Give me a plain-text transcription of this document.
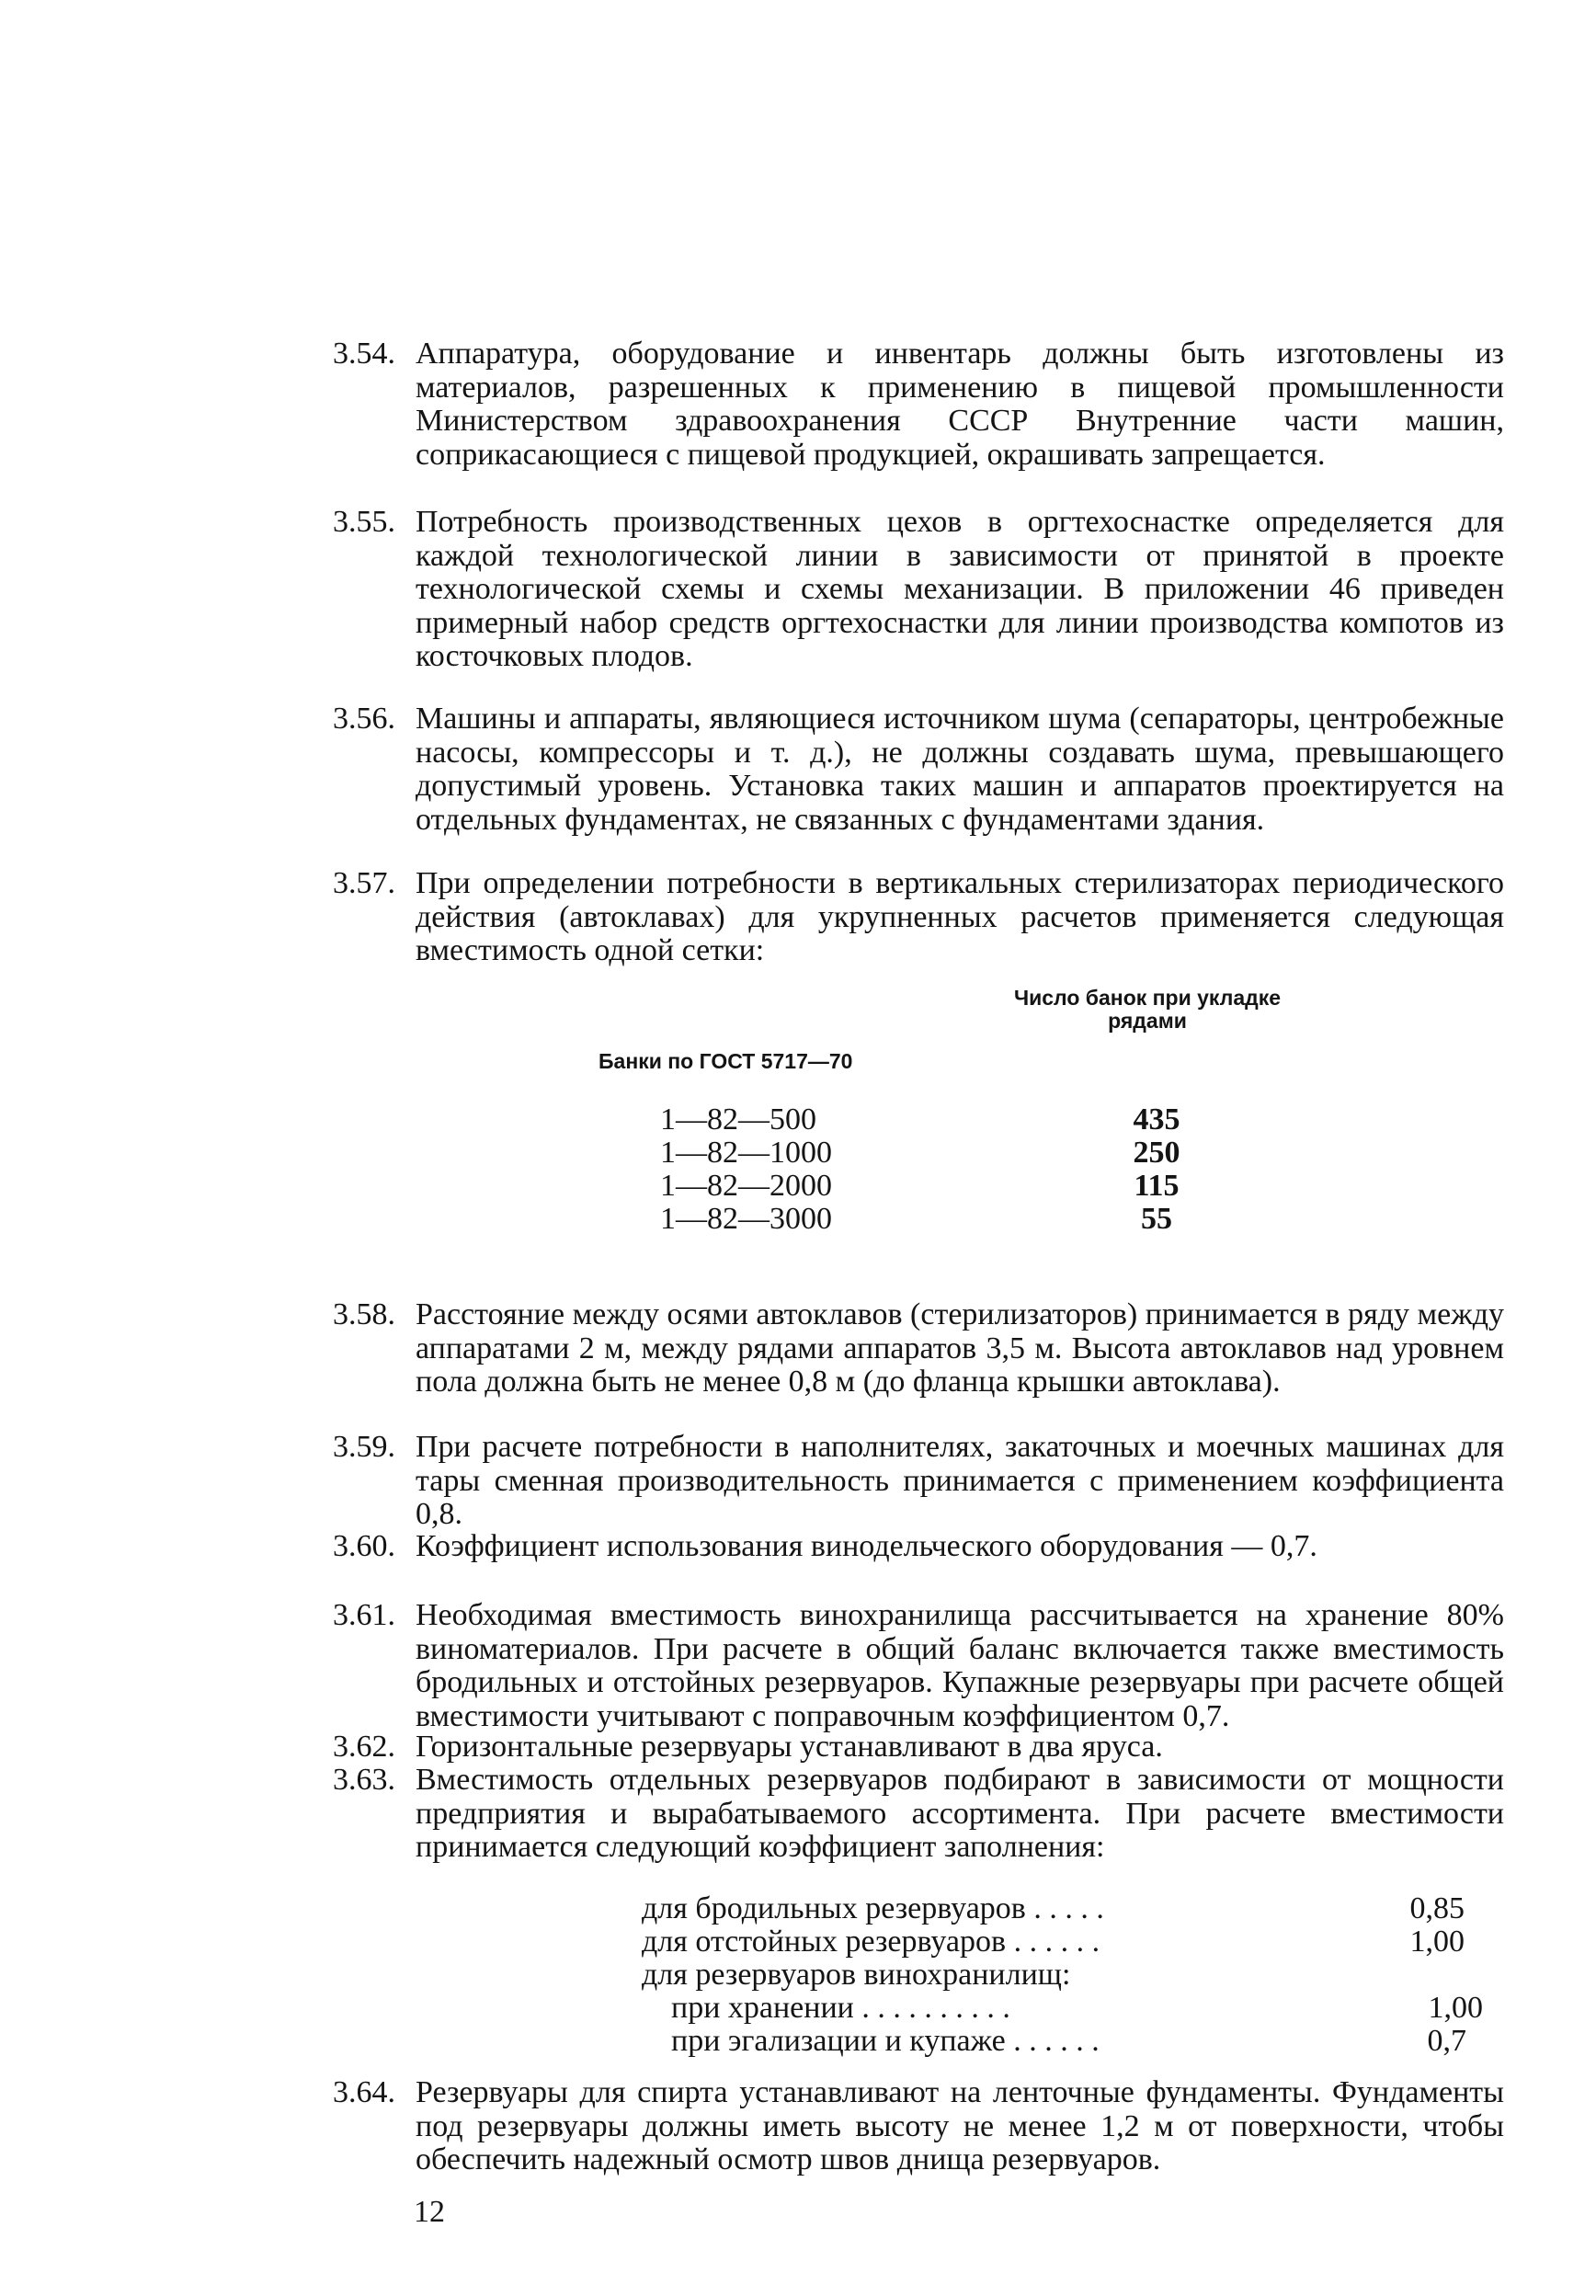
3.54. Аппаратура, оборудование и инвентарь должны быть изготовлены из материалов, разрешенных к применению в пищевой промышленности Министерством здравоохранения СССР Внутренние части машин, соприкасающиеся с пищевой продукцией, окрашивать запрещается.
3.55. Потребность производственных цехов в оргтехоснастке определяется для каждой технологической линии в зависимости от принятой в проекте технологической схемы и схемы механизации. В приложении 46 приведен примерный набор средств оргтехоснастки для линии производства компотов из косточковых плодов.
3.56. Машины и аппараты, являющиеся источником шума (сепараторы, центробежные насосы, компрессоры и т. д.), не должны создавать шума, превышающего допустимый уровень. Установка таких машин и аппаратов проектируется на отдельных фундаментах, не связанных с фундаментами здания.
3.57. При определении потребности в вертикальных стерилизаторах периодического действия (автоклавах) для укрупненных расчетов применяется следующая вместимость одной сетки:
Число банок при укладке рядами
Банки по ГОСТ 5717—70
1—82—500	435
1—82—1000	250
1—82—2000	115
1—82—3000	55
3.58. Расстояние между осями автоклавов (стерилизаторов) принимается в ряду между аппаратами 2 м, между рядами аппаратов 3,5 м. Высота автоклавов над уровнем пола должна быть не менее 0,8 м (до фланца крышки автоклава).
3.59. При расчете потребности в наполнителях, закаточных и моечных машинах для тары сменная производительность принимается с применением коэффициента 0,8.
3.60. Коэффициент использования винодельческого оборудования — 0,7.
3.61. Необходимая вместимость винохранилища рассчитывается на хранение 80% виноматериалов. При расчете в общий баланс включается также вместимость бродильных и отстойных резервуаров. Купажные резервуары при расчете общей вместимости учитывают с поправочным коэффициентом 0,7.
3.62. Горизонтальные резервуары устанавливают в два яруса.
3.63. Вместимость отдельных резервуаров подбирают в зависимости от мощности предприятия и вырабатываемого ассортимента. При расчете вместимости принимается следующий коэффициент заполнения:
для бродильных резервуаров . . . . .	0,85
для отстойных резервуаров . . . . . .	1,00
для резервуаров винохранилищ:
при хранении . . . . . . . . . .	1,00
при эгализации и купаже . . . . . .	0,7
3.64. Резервуары для спирта устанавливают на ленточные фундаменты. Фундаменты под резервуары должны иметь высоту не менее 1,2 м от поверхности, чтобы обеспечить надежный осмотр швов днища резервуаров.
12
